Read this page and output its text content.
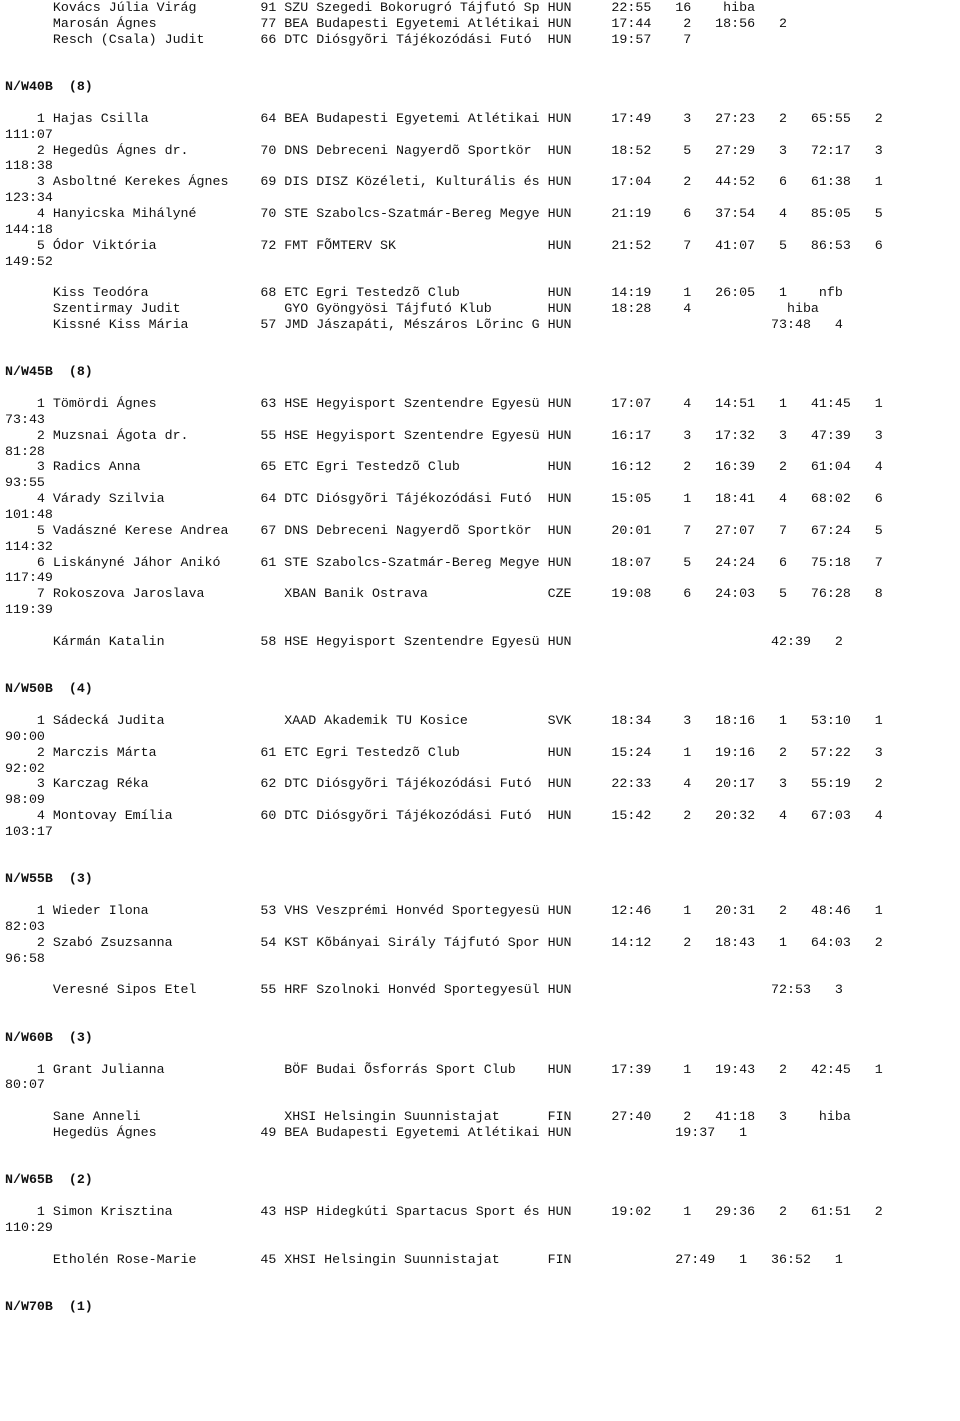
Kovács Júlia Virág        91 SZU Szegedi Bokorugró Tájfutó Sp HUN     22:55   16    hiba
Marosán Ágnes             77 BEA Budapesti Egyetemi Atlétikai HUN     17:44    2   18:56   2
Resch (Csala) Judit       66 DTC Diósgyõri Tájékozódási Futó  HUN     19:57    7
N/W40B  (8)
1 Hajas Csilla              64 BEA Budapesti Egyetemi Atlétikai HUN     17:49    3   27:23   2   65:55   2
111:07
2 Hegedûs Ágnes dr.         70 DNS Debreceni Nagyerdõ Sportkör  HUN     18:52    5   27:29   3   72:17   3
118:38
3 Asboltné Kerekes Ágnes    69 DIS DISZ Közéleti, Kulturális és HUN     17:04    2   44:52   6   61:38   1
123:34
4 Hanyicska Mihályné        70 STE Szabolcs-Szatmár-Bereg Megye HUN     21:19    6   37:54   4   85:05   5
144:18
5 Ódor Viktória             72 FMT FÕMTERV SK                   HUN     21:52    7   41:07   5   86:53   6
149:52
Kiss Teodóra              68 ETC Egri Testedzõ Club           HUN     14:19    1   26:05   1    nfb
Szentirmay Judit             GYO Gyöngyösi Tájfutó Klub       HUN     18:28    4            hiba
Kissné Kiss Mária         57 JMD Jászapáti, Mészáros Lõrinc G HUN                         73:48   4
N/W45B  (8)
1 Tömördi Ágnes             63 HSE Hegyisport Szentendre Egyesü HUN     17:07    4   14:51   1   41:45   1
73:43
2 Muzsnai Ágota dr.         55 HSE Hegyisport Szentendre Egyesü HUN     16:17    3   17:32   3   47:39   3
81:28
3 Radics Anna               65 ETC Egri Testedzõ Club           HUN     16:12    2   16:39   2   61:04   4
93:55
4 Várady Szilvia            64 DTC Diósgyõri Tájékozódási Futó  HUN     15:05    1   18:41   4   68:02   6
101:48
5 Vadászné Kerese Andrea    67 DNS Debreceni Nagyerdõ Sportkör  HUN     20:01    7   27:07   7   67:24   5
114:32
6 Liskányné Jáhor Anikó     61 STE Szabolcs-Szatmár-Bereg Megye HUN     18:07    5   24:24   6   75:18   7
117:49
7 Rokoszova Jaroslava          XBAN Banik Ostrava               CZE     19:08    6   24:03   5   76:28   8
119:39
Kármán Katalin            58 HSE Hegyisport Szentendre Egyesü HUN                         42:39   2
N/W50B  (4)
1 Sádecká Judita               XAAD Akademik TU Kosice          SVK     18:34    3   18:16   1   53:10   1
90:00
2 Marczis Márta             61 ETC Egri Testedzõ Club           HUN     15:24    1   19:16   2   57:22   3
92:02
3 Karczag Réka              62 DTC Diósgyõri Tájékozódási Futó  HUN     22:33    4   20:17   3   55:19   2
98:09
4 Montovay Emília           60 DTC Diósgyõri Tájékozódási Futó  HUN     15:42    2   20:32   4   67:03   4
103:17
N/W55B  (3)
1 Wieder Ilona              53 VHS Veszprémi Honvéd Sportegyesü HUN     12:46    1   20:31   2   48:46   1
82:03
2 Szabó Zsuzsanna           54 KST Kõbányai Sirály Tájfutó Spor HUN     14:12    2   18:43   1   64:03   2
96:58
Veresné Sipos Etel        55 HRF Szolnoki Honvéd Sportegyesül HUN                         72:53   3
N/W60B  (3)
1 Grant Julianna               BÖF Budai Õsforrás Sport Club    HUN     17:39    1   19:43   2   42:45   1
80:07
Sane Anneli                  XHSI Helsingin Suunnistajat      FIN     27:40    2   41:18   3    hiba
Hegedüs Ágnes             49 BEA Budapesti Egyetemi Atlétikai HUN             19:37   1
N/W65B  (2)
1 Simon Krisztina           43 HSP Hidegkúti Spartacus Sport és HUN     19:02    1   29:36   2   61:51   2
110:29
Etholén Rose-Marie        45 XHSI Helsingin Suunnistajat      FIN             27:49   1   36:52   1
N/W70B  (1)
